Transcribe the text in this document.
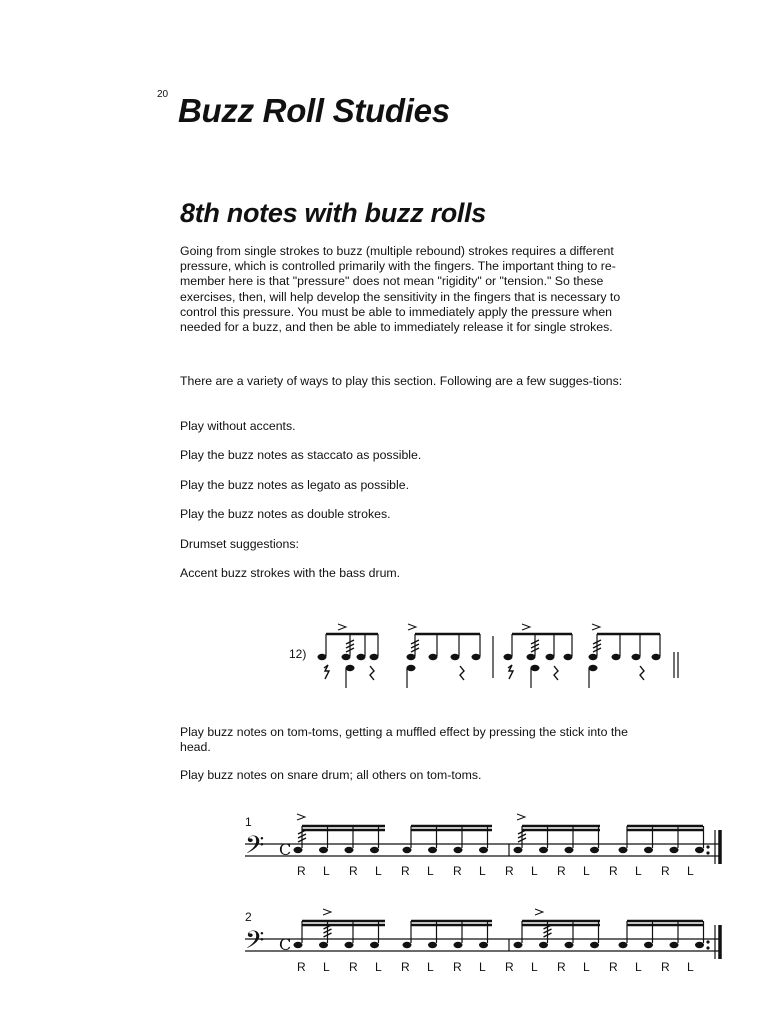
20 Buzz Roll Studies
8th notes with buzz rolls

Going from single strokes to buzz (multiple rebound) strokes requires a different pressure, which is controlled primarily with the fingers. The important thing to re-member here is that "pressure" does not mean "rigidity" or "tension." So these exercises, then, will help develop the sensitivity in the fingers that is necessary to control this pressure. You must be able to immediately apply the pressure when needed for a buzz, and then be able to immediately release it for single strokes.

There are a variety of ways to play this section. Following are a few sugges-tions:

Play without accents.

Play the buzz notes as staccato as possible.

Play the buzz notes as legato as possible.

Play the buzz notes as double strokes.

Drumset suggestions:

Accent buzz strokes with the bass drum.

12)

Play buzz notes on tom-toms, getting a muffled effect by pressing the stick into the head.

Play buzz notes on snare drum; all others on tom-toms.

1
𝄢 C
R	L	R	L	R	L	R	L	R	L	R	L	R	L	R	L
2
𝄢 C
R	L	R	L	R	L	R	L	R	L	R	L	R	L	R	L
